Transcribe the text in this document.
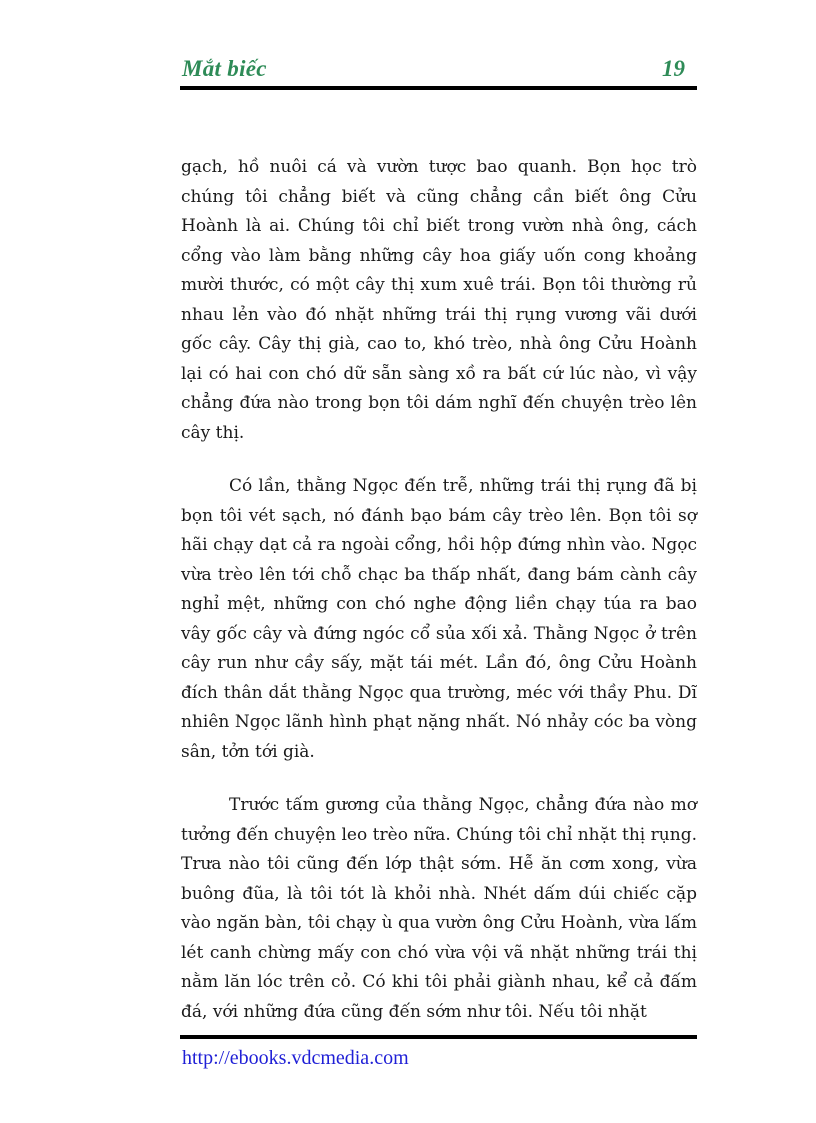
Mắt biếc	19

gạch, hồ nuôi cá và vườn tược bao quanh. Bọn học trò chúng tôi chẳng biết và cũng chẳng cần biết ông Cửu Hoành là ai. Chúng tôi chỉ biết trong vườn nhà ông, cách cổng vào làm bằng những cây hoa giấy uốn cong khoảng mười thước, có một cây thị xum xuê trái. Bọn tôi thường rủ nhau lẻn vào đó nhặt những trái thị rụng vương vãi dưới gốc cây. Cây thị già, cao to, khó trèo, nhà ông Cửu Hoành lại có hai con chó dữ sẵn sàng xồ ra bất cứ lúc nào, vì vậy chẳng đứa nào trong bọn tôi dám nghĩ đến chuyện trèo lên cây thị.

Có lần, thằng Ngọc đến trễ, những trái thị rụng đã bị bọn tôi vét sạch, nó đánh bạo bám cây trèo lên. Bọn tôi sợ hãi chạy dạt cả ra ngoài cổng, hồi hộp đứng nhìn vào. Ngọc vừa trèo lên tới chỗ chạc ba thấp nhất, đang bám cành cây nghỉ mệt, những con chó nghe động liền chạy túa ra bao vây gốc cây và đứng ngóc cổ sủa xối xả. Thằng Ngọc ở trên cây run như cầy sấy, mặt tái mét. Lần đó, ông Cửu Hoành đích thân dắt thằng Ngọc qua trường, méc với thầy Phu. Dĩ nhiên Ngọc lãnh hình phạt nặng nhất. Nó nhảy cóc ba vòng sân, tởn tới già.

Trước tấm gương của thằng Ngọc, chẳng đứa nào mơ tưởng đến chuyện leo trèo nữa. Chúng tôi chỉ nhặt thị rụng. Trưa nào tôi cũng đến lớp thật sớm. Hễ ăn cơm xong, vừa buông đũa, là tôi tót là khỏi nhà. Nhét dấm dúi chiếc cặp vào ngăn bàn, tôi chạy ù qua vườn ông Cửu Hoành, vừa lấm lét canh chừng mấy con chó vừa vội vã nhặt những trái thị nằm lăn lóc trên cỏ. Có khi tôi phải giành nhau, kể cả đấm đá, với những đứa cũng đến sớm như tôi. Nếu tôi nhặt

http://ebooks.vdcmedia.com
